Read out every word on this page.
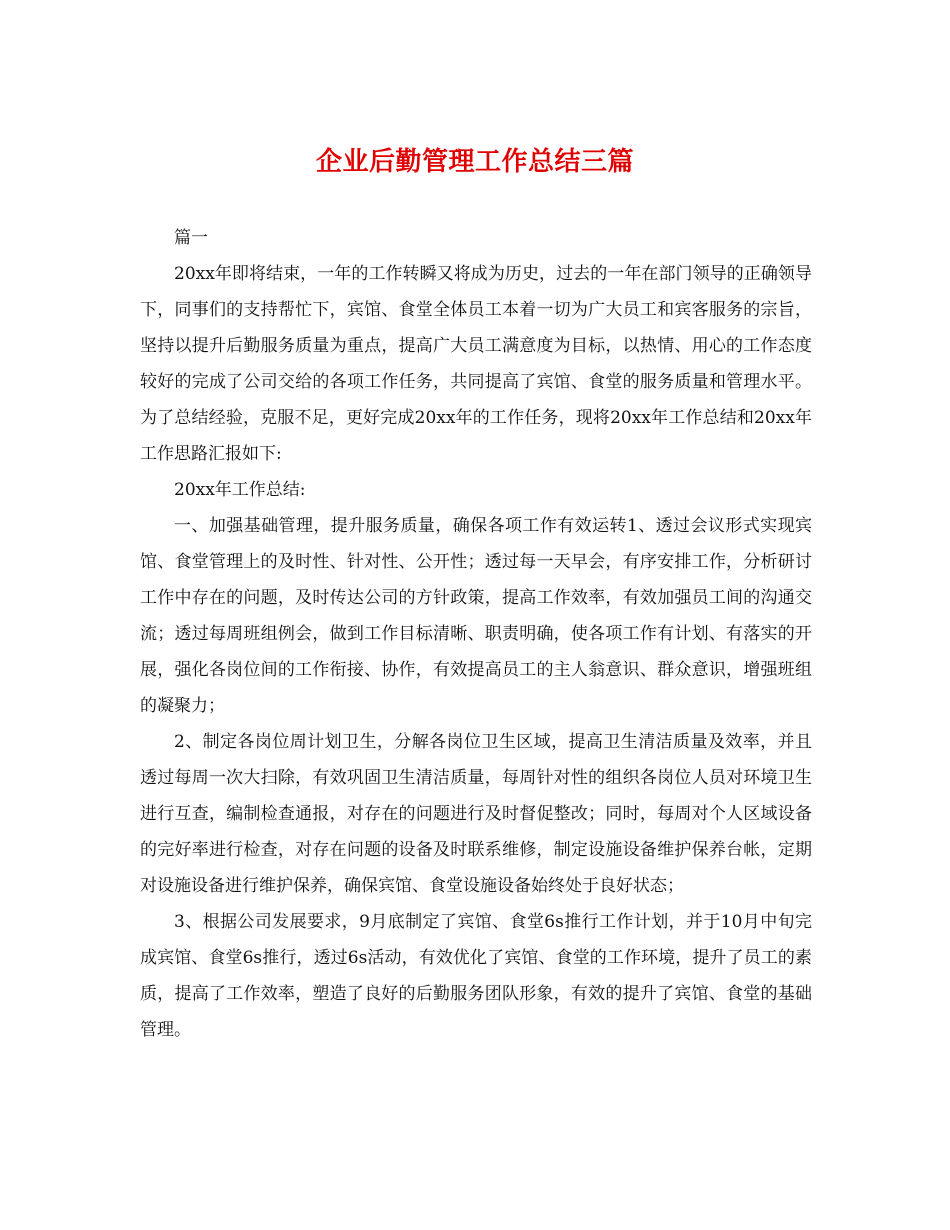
企业后勤管理工作总结三篇

篇一

20xx年即将结束，一年的工作转瞬又将成为历史，过去的一年在部门领导的正确领导下，同事们的支持帮忙下，宾馆、食堂全体员工本着一切为广大员工和宾客服务的宗旨，坚持以提升后勤服务质量为重点，提高广大员工满意度为目标，以热情、用心的工作态度较好的完成了公司交给的各项工作任务，共同提高了宾馆、食堂的服务质量和管理水平。为了总结经验，克服不足，更好完成20xx年的工作任务，现将20xx年工作总结和20xx年工作思路汇报如下:

20xx年工作总结:

一、加强基础管理，提升服务质量，确保各项工作有效运转1、透过会议形式实现宾馆、食堂管理上的及时性、针对性、公开性；透过每一天早会，有序安排工作，分析研讨工作中存在的问题，及时传达公司的方针政策，提高工作效率，有效加强员工间的沟通交流；透过每周班组例会，做到工作目标清晰、职责明确，使各项工作有计划、有落实的开展，强化各岗位间的工作衔接、协作，有效提高员工的主人翁意识、群众意识，增强班组的凝聚力；

2、制定各岗位周计划卫生，分解各岗位卫生区域，提高卫生清洁质量及效率，并且透过每周一次大扫除，有效巩固卫生清洁质量，每周针对性的组织各岗位人员对环境卫生进行互查，编制检查通报，对存在的问题进行及时督促整改；同时，每周对个人区域设备的完好率进行检查，对存在问题的设备及时联系维修，制定设施设备维护保养台帐，定期对设施设备进行维护保养，确保宾馆、食堂设施设备始终处于良好状态；

3、根据公司发展要求，9月底制定了宾馆、食堂6s推行工作计划，并于10月中旬完成宾馆、食堂6s推行，透过6s活动，有效优化了宾馆、食堂的工作环境，提升了员工的素质，提高了工作效率，塑造了良好的后勤服务团队形象，有效的提升了宾馆、食堂的基础管理。
